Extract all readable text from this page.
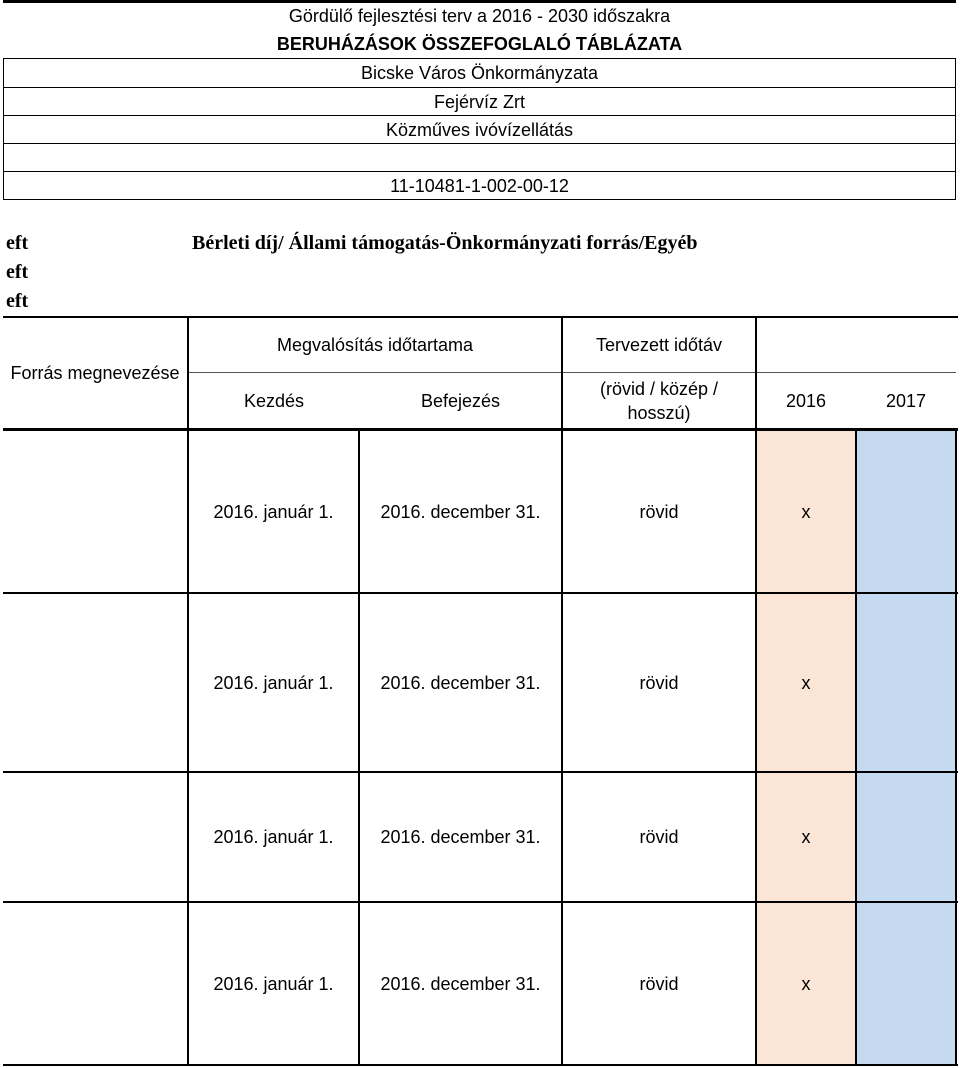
Gördülő fejlesztési terv a 2016 - 2030 időszakra
BERUHÁZÁSOK ÖSSZEFOGLALÓ TÁBLÁZATA
Bicske Város Önkormányzata
Fejérvíz Zrt
Közműves ivóvízellátás
11-10481-1-002-00-12
eft
eft
eft
Bérleti díj/ Állami támogatás-Önkormányzati forrás/Egyéb
Forrás megnevezése
Megvalósítás időtartama
Kezdés	Befejezés
Tervezett időtáv
(rövid / közép / hosszú)
2016	2017
2016. január 1.	2016. december 31.	rövid	x
2016. január 1.	2016. december 31.	rövid	x
2016. január 1.	2016. december 31.	rövid	x
2016. január 1.	2016. december 31.	rövid	x
